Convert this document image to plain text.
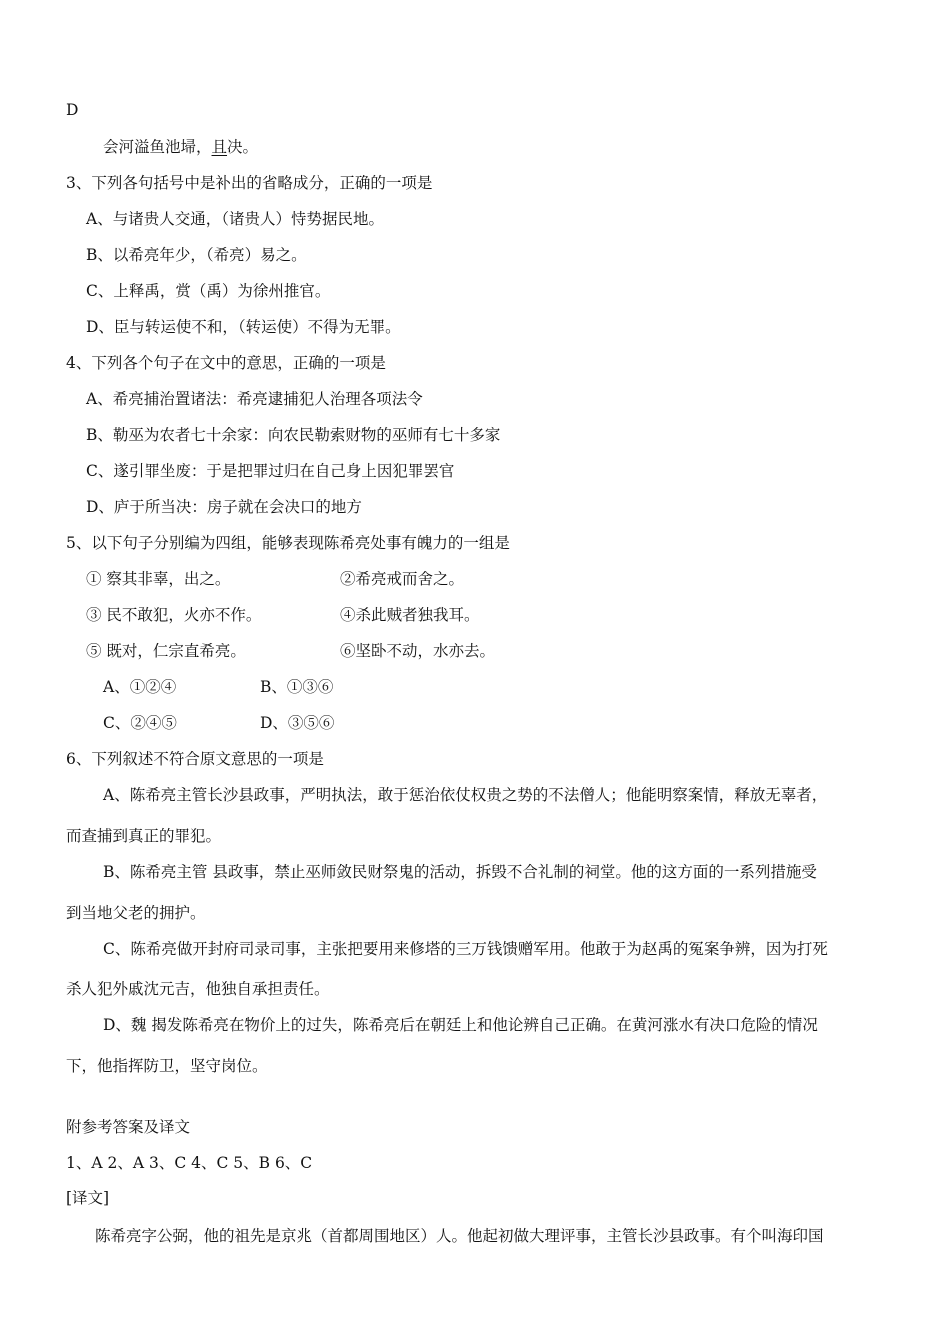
D
会河溢鱼池埽，且决。
3、下列各句括号中是补出的省略成分，正确的一项是
A、与诸贵人交通，（诸贵人）恃势据民地。
B、以希亮年少，（希亮）易之。
C、上释禹，赏（禹）为徐州推官。
D、臣与转运使不和，（转运使）不得为无罪。
4、下列各个句子在文中的意思，正确的一项是
A、希亮捕治置诸法：希亮逮捕犯人治理各项法令
B、勒巫为农者七十余家：向农民勒索财物的巫师有七十多家
C、遂引罪坐废：于是把罪过归在自己身上因犯罪罢官
D、庐于所当决：房子就在会决口的地方
5、以下句子分别编为四组，能够表现陈希亮处事有魄力的一组是
① 察其非辜，出之。	②希亮戒而舍之。
③ 民不敢犯，火亦不作。	④杀此贼者独我耳。
⑤ 既对，仁宗直希亮。	⑥坚卧不动，水亦去。
A、①②④	B、①③⑥
C、②④⑤	D、③⑤⑥
6、下列叙述不符合原文意思的一项是
A、陈希亮主管长沙县政事，严明执法，敢于惩治依仗权贵之势的不法僧人；他能明察案情，释放无辜者，
而查捕到真正的罪犯。
B、陈希亮主管 县政事，禁止巫师敛民财祭鬼的活动，拆毁不合礼制的祠堂。他的这方面的一系列措施受
到当地父老的拥护。
C、陈希亮做开封府司录司事，主张把要用来修塔的三万钱馈赠军用。他敢于为赵禹的冤案争辨，因为打死
杀人犯外戚沈元吉，他独自承担责任。
D、魏 揭发陈希亮在物价上的过失，陈希亮后在朝廷上和他论辨自己正确。在黄河涨水有决口危险的情况
下，他指挥防卫，坚守岗位。
附参考答案及译文
1、A 2、A 3、C 4、C 5、B 6、C
[译文]
陈希亮字公弼，他的祖先是京兆（首都周围地区）人。他起初做大理评事，主管长沙县政事。有个叫海印国
